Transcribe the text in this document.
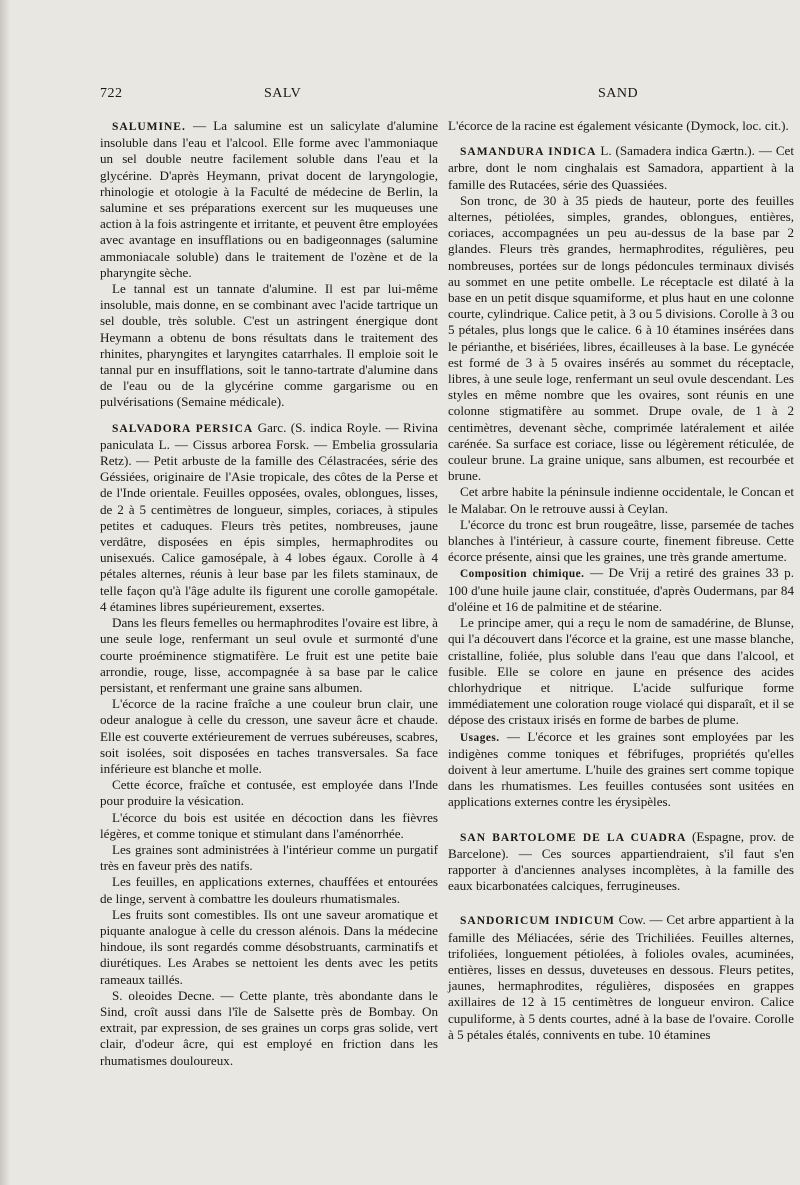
722	SALV	SAND

SALUMINE. — La salumine est un salicylate d'alumine insoluble dans l'eau et l'alcool. Elle forme avec l'ammoniaque un sel double neutre facilement soluble dans l'eau et la glycérine. D'après Heymann, privat docent de laryngologie, rhinologie et otologie à la Faculté de médecine de Berlin, la salumine et ses préparations exercent sur les muqueuses une action à la fois astringente et irritante, et peuvent être employées avec avantage en insufflations ou en badigeonnages (salumine ammoniacale soluble) dans le traitement de l'ozène et de la pharyngite sèche.

Le tannal est un tannate d'alumine. Il est par lui-même insoluble, mais donne, en se combinant avec l'acide tartrique un sel double, très soluble. C'est un astringent énergique dont Heymann a obtenu de bons résultats dans le traitement des rhinites, pharyngites et laryngites catarrhales. Il emploie soit le tannal pur en insufflations, soit le tanno-tartrate d'alumine dans de l'eau ou de la glycérine comme gargarisme ou en pulvérisations (Semaine médicale).

SALVADORA PERSICA Garc. (S. indica Royle. — Rivina paniculata L. — Cissus arborea Forsk. — Embelia grossularia Retz). — Petit arbuste de la famille des Célastracées, série des Géssiées, originaire de l'Asie tropicale, des côtes de la Perse et de l'Inde orientale. Feuilles opposées, ovales, oblongues, lisses, de 2 à 5 centimètres de longueur, simples, coriaces, à stipules petites et caduques. Fleurs très petites, nombreuses, jaune verdâtre, disposées en épis simples, hermaphrodites ou unisexués. Calice gamosépale, à 4 lobes égaux. Corolle à 4 pétales alternes, réunis à leur base par les filets staminaux, de telle façon qu'à l'âge adulte ils figurent une corolle gamopétale. 4 étamines libres supérieurement, exsertes.

Dans les fleurs femelles ou hermaphrodites l'ovaire est libre, à une seule loge, renfermant un seul ovule et surmonté d'une courte proéminence stigmatifère. Le fruit est une petite baie arrondie, rouge, lisse, accompagnée à sa base par le calice persistant, et renfermant une graine sans albumen.

L'écorce de la racine fraîche a une couleur brun clair, une odeur analogue à celle du cresson, une saveur âcre et chaude. Elle est couverte extérieurement de verrues subéreuses, scabres, soit isolées, soit disposées en taches transversales. Sa face inférieure est blanche et molle.

Cette écorce, fraîche et contusée, est employée dans l'Inde pour produire la vésication.

L'écorce du bois est usitée en décoction dans les fièvres légères, et comme tonique et stimulant dans l'aménorrhée.

Les graines sont administrées à l'intérieur comme un purgatif très en faveur près des natifs.

Les feuilles, en applications externes, chauffées et entourées de linge, servent à combattre les douleurs rhumatismales.

Les fruits sont comestibles. Ils ont une saveur aromatique et piquante analogue à celle du cresson alénois. Dans la médecine hindoue, ils sont regardés comme désobstruants, carminatifs et diurétiques. Les Arabes se nettoient les dents avec les petits rameaux taillés.

S. oleoides Decne. — Cette plante, très abondante dans le Sind, croît aussi dans l'île de Salsette près de Bombay. On extrait, par expression, de ses graines un corps gras solide, vert clair, d'odeur âcre, qui est employé en friction dans les rhumatismes douloureux.

L'écorce de la racine est également vésicante (Dymock, loc. cit.).

SAMANDURA INDICA L. (Samadera indica Gærtn.). — Cet arbre, dont le nom cinghalais est Samadora, appartient à la famille des Rutacées, série des Quassiées.

Son tronc, de 30 à 35 pieds de hauteur, porte des feuilles alternes, pétiolées, simples, grandes, oblongues, entières, coriaces, accompagnées un peu au-dessus de la base par 2 glandes. Fleurs très grandes, hermaphrodites, régulières, peu nombreuses, portées sur de longs pédoncules terminaux divisés au sommet en une petite ombelle. Le réceptacle est dilaté à la base en un petit disque squamiforme, et plus haut en une colonne courte, cylindrique. Calice petit, à 3 ou 5 divisions. Corolle à 3 ou 5 pétales, plus longs que le calice. 6 à 10 étamines insérées dans le périanthe, et bisériées, libres, écailleuses à la base. Le gynécée est formé de 3 à 5 ovaires insérés au sommet du réceptacle, libres, à une seule loge, renfermant un seul ovule descendant. Les styles en même nombre que les ovaires, sont réunis en une colonne stigmatifère au sommet. Drupe ovale, de 1 à 2 centimètres, devenant sèche, comprimée latéralement et ailée carénée. Sa surface est coriace, lisse ou légèrement réticulée, de couleur brune. La graine unique, sans albumen, est recourbée et brune.

Cet arbre habite la péninsule indienne occidentale, le Concan et le Malabar. On le retrouve aussi à Ceylan.

L'écorce du tronc est brun rougeâtre, lisse, parsemée de taches blanches à l'intérieur, à cassure courte, finement fibreuse. Cette écorce présente, ainsi que les graines, une très grande amertume.

Composition chimique. — De Vrij a retiré des graines 33 p. 100 d'une huile jaune clair, constituée, d'après Oudermans, par 84 d'oléine et 16 de palmitine et de stéarine.

Le principe amer, qui a reçu le nom de samadérine, de Blunse, qui l'a découvert dans l'écorce et la graine, est une masse blanche, cristalline, foliée, plus soluble dans l'eau que dans l'alcool, et fusible. Elle se colore en jaune en présence des acides chlorhydrique et nitrique. L'acide sulfurique forme immédiatement une coloration rouge violacé qui disparaît, et il se dépose des cristaux irisés en forme de barbes de plume.

Usages. — L'écorce et les graines sont employées par les indigènes comme toniques et fébrifuges, propriétés qu'elles doivent à leur amertume. L'huile des graines sert comme topique dans les rhumatismes. Les feuilles contusées sont usitées en applications externes contre les érysipèles.

SAN BARTOLOME DE LA CUADRA (Espagne, prov. de Barcelone). — Ces sources appartiendraient, s'il faut s'en rapporter à d'anciennes analyses incomplètes, à la famille des eaux bicarbonatées calciques, ferrugineuses.

SANDORICUM INDICUM Cow. — Cet arbre appartient à la famille des Méliacées, série des Trichiliées. Feuilles alternes, trifoliées, longuement pétiolées, à folioles ovales, acuminées, entières, lisses en dessus, duveteuses en dessous. Fleurs petites, jaunes, hermaphrodites, régulières, disposées en grappes axillaires de 12 à 15 centimètres de longueur environ. Calice cupuliforme, à 5 dents courtes, adné à la base de l'ovaire. Corolle à 5 pétales étalés, connivents en tube. 10 étamines
